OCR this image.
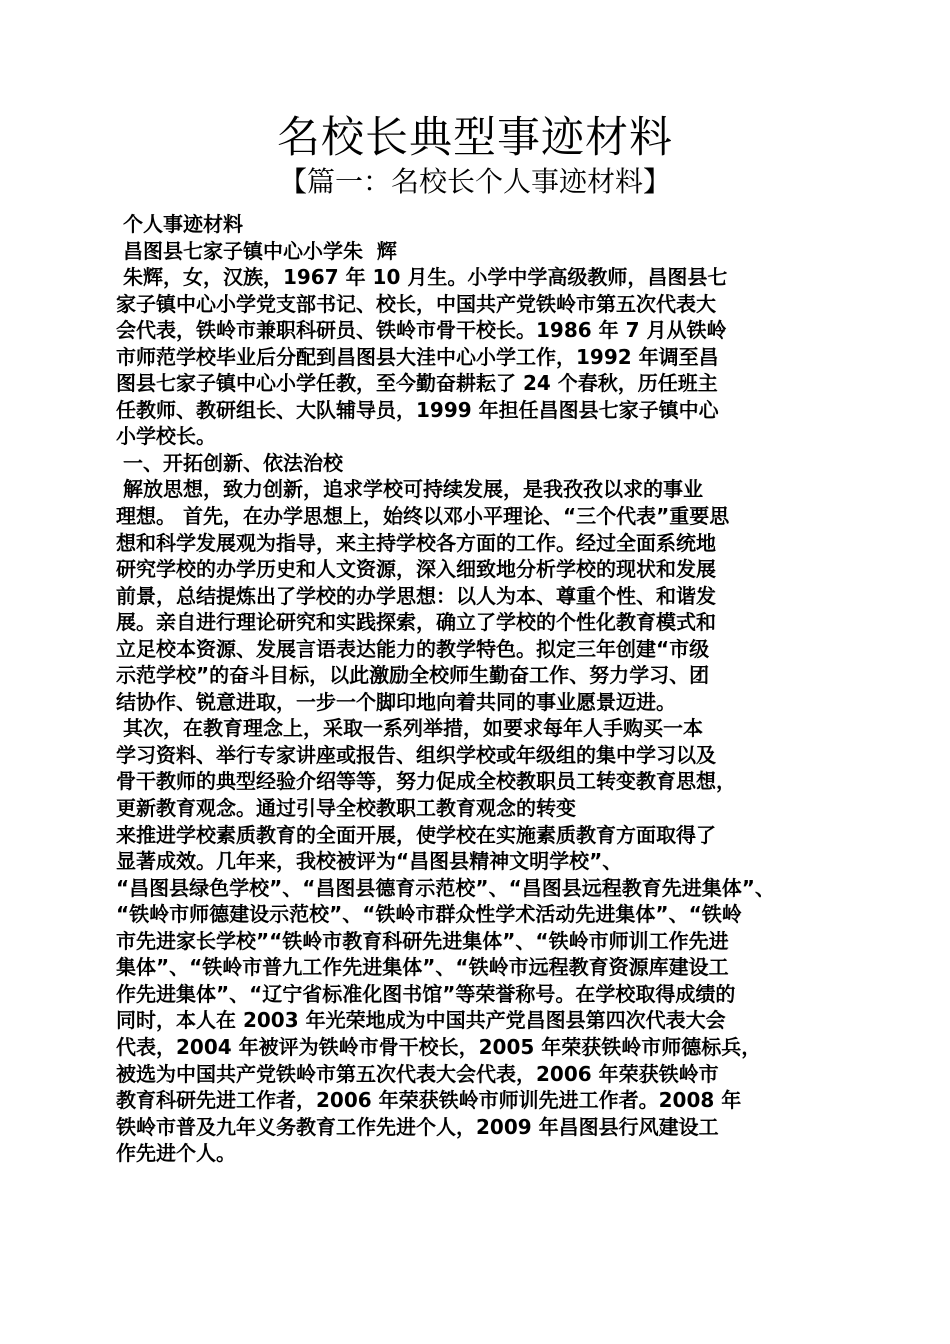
名校长典型事迹材料
【篇一：名校长个人事迹材料】
个人事迹材料
昌图县七家子镇中心小学朱  辉
朱辉，女，汉族，1967 年 10 月生。小学中学高级教师，昌图县七
家子镇中心小学党支部书记、校长，中国共产党铁岭市第五次代表大
会代表，铁岭市兼职科研员、铁岭市骨干校长。1986 年 7 月从铁岭
市师范学校毕业后分配到昌图县大洼中心小学工作，1992 年调至昌
图县七家子镇中心小学任教，至今勤奋耕耘了 24 个春秋，历任班主
任教师、教研组长、大队辅导员，1999 年担任昌图县七家子镇中心
小学校长。
一、开拓创新、依法治校
解放思想，致力创新，追求学校可持续发展，是我孜孜以求的事业
理想。 首先，在办学思想上，始终以邓小平理论、“三个代表”重要思
想和科学发展观为指导，来主持学校各方面的工作。经过全面系统地
研究学校的办学历史和人文资源，深入细致地分析学校的现状和发展
前景，总结提炼出了学校的办学思想：以人为本、尊重个性、和谐发
展。亲自进行理论研究和实践探索，确立了学校的个性化教育模式和
立足校本资源、发展言语表达能力的教学特色。拟定三年创建“市级
示范学校”的奋斗目标，以此激励全校师生勤奋工作、努力学习、团
结协作、锐意进取，一步一个脚印地向着共同的事业愿景迈进。
其次，在教育理念上，采取一系列举措，如要求每年人手购买一本
学习资料、举行专家讲座或报告、组织学校或年级组的集中学习以及
骨干教师的典型经验介绍等等，努力促成全校教职员工转变教育思想，
更新教育观念。通过引导全校教职工教育观念的转变
来推进学校素质教育的全面开展，使学校在实施素质教育方面取得了
显著成效。几年来，我校被评为“昌图县精神文明学校”、
“昌图县绿色学校”、“昌图县德育示范校”、“昌图县远程教育先进集体”、
“铁岭市师德建设示范校”、“铁岭市群众性学术活动先进集体”、“铁岭
市先进家长学校”“铁岭市教育科研先进集体”、“铁岭市师训工作先进
集体”、“铁岭市普九工作先进集体”、“铁岭市远程教育资源库建设工
作先进集体”、“辽宁省标准化图书馆”等荣誉称号。在学校取得成绩的
同时，本人在 2003 年光荣地成为中国共产党昌图县第四次代表大会
代表，2004 年被评为铁岭市骨干校长，2005 年荣获铁岭市师德标兵，
被选为中国共产党铁岭市第五次代表大会代表，2006 年荣获铁岭市
教育科研先进工作者，2006 年荣获铁岭市师训先进工作者。2008 年
铁岭市普及九年义务教育工作先进个人，2009 年昌图县行风建设工
作先进个人。
